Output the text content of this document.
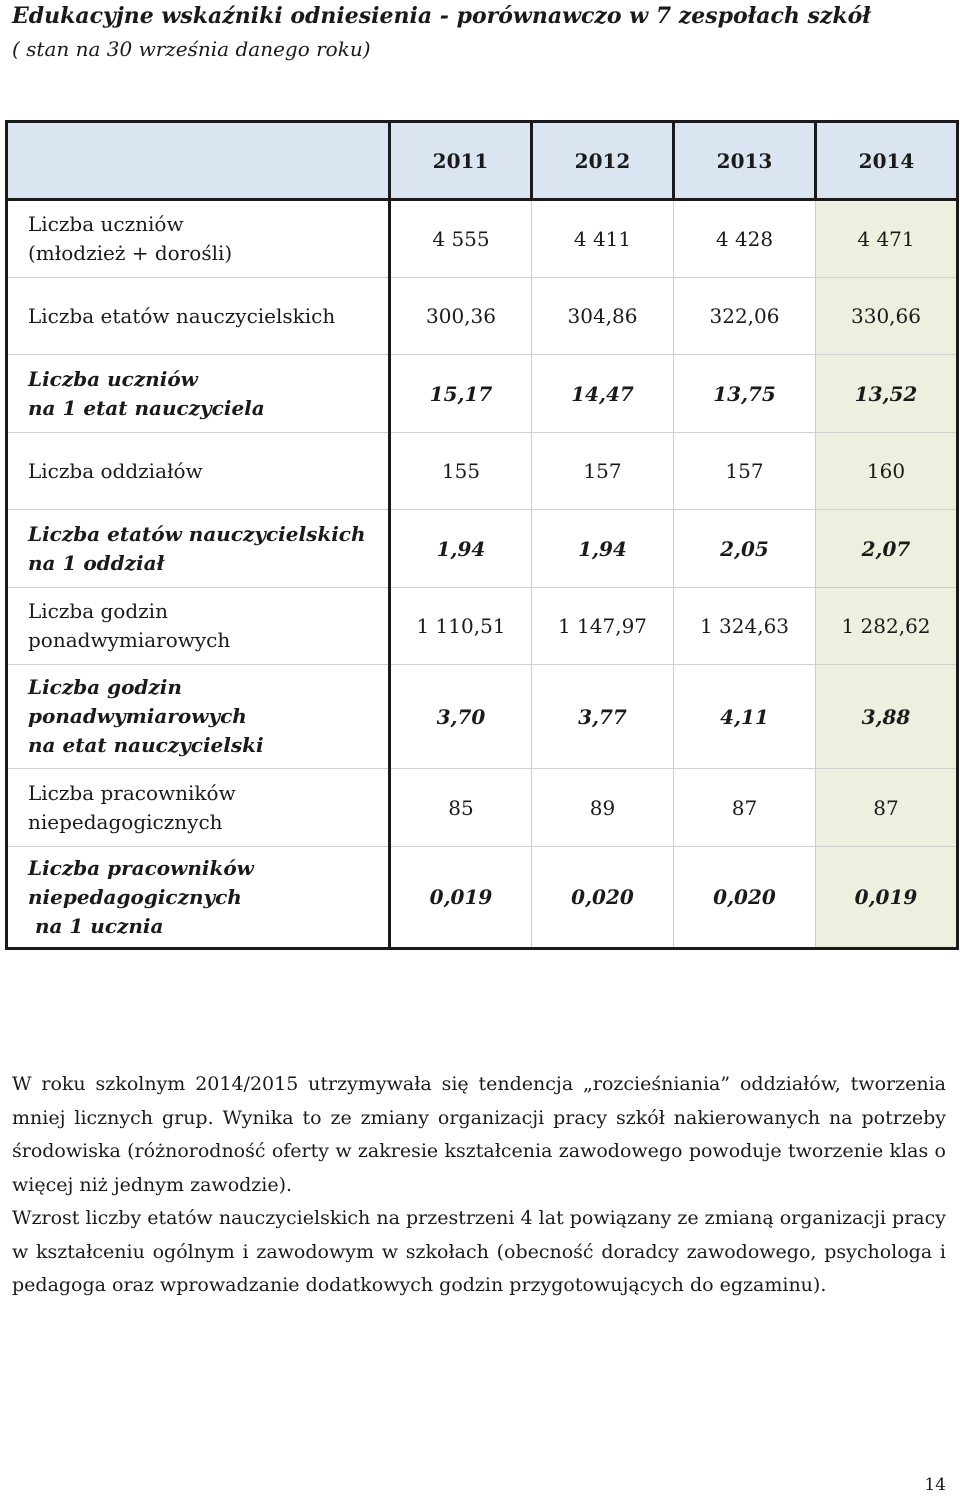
Edukacyjne wskaźniki odniesienia - porównawczo w 7 zespołach szkół
( stan na 30 września danego roku)
	2011	2012	2013	2014

Liczba uczniów
(młodzież + dorośli)	4 555	4 411	4 428	4 471

Liczba etatów nauczycielskich	300,36	304,86	322,06	330,66

Liczba uczniów
na 1 etat nauczyciela	15,17	14,47	13,75	13,52

Liczba oddziałów	155	157	157	160

Liczba etatów nauczycielskich
na 1 oddział	1,94	1,94	2,05	2,07

Liczba godzin
ponadwymiarowych	1 110,51	1 147,97	1 324,63	1 282,62

Liczba godzin
ponadwymiarowych
na etat nauczycielski	3,70	3,77	4,11	3,88

Liczba pracowników
niepedagogicznych	85	89	87	87

Liczba pracowników
niepedagogicznych
na 1 ucznia	0,019	0,020	0,020	0,019
W roku szkolnym 2014/2015 utrzymywała się tendencja „rozcieśniania” oddziałów, tworzenia mniej licznych grup. Wynika to ze zmiany organizacji pracy szkół nakierowanych na potrzeby środowiska (różnorodność oferty w zakresie kształcenia zawodowego powoduje tworzenie klas o więcej niż jednym zawodzie).
Wzrost liczby etatów nauczycielskich na przestrzeni 4 lat powiązany ze zmianą organizacji pracy w kształceniu ogólnym i zawodowym w szkołach (obecność doradcy zawodowego, psychologa i pedagoga oraz wprowadzanie dodatkowych godzin przygotowujących do egzaminu).
14
